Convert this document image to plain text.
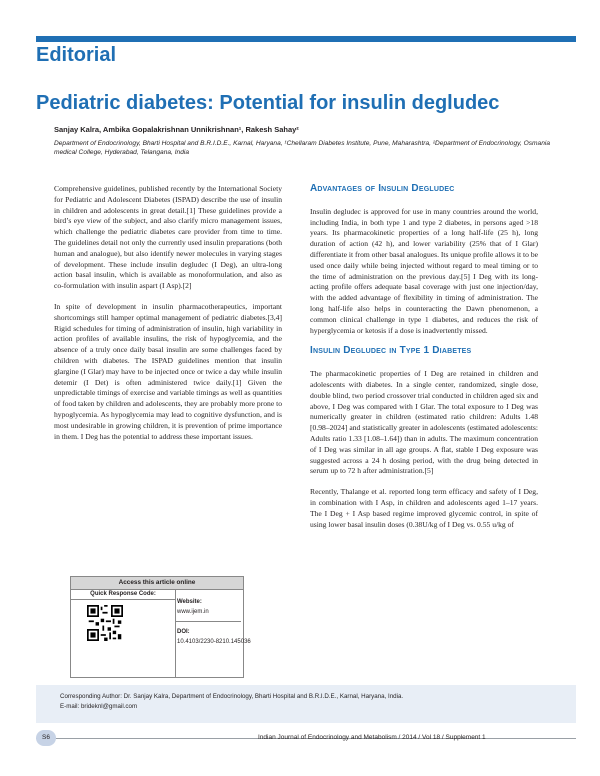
Editorial
Pediatric diabetes: Potential for insulin degludec
Sanjay Kalra, Ambika Gopalakrishnan Unnikrishnan¹, Rakesh Sahay²
Department of Endocrinology, Bharti Hospital and B.R.I.D.E., Karnal, Haryana, ¹Chellaram Diabetes Institute, Pune, Maharashtra, ²Department of Endocrinology, Osmania medical College, Hyderabad, Telangana, India

Comprehensive guidelines, published recently by the International Society for Pediatric and Adolescent Diabetes (ISPAD) describe the use of insulin in children and adolescents in great detail.[1] These guidelines provide a bird’s eye view of the subject, and also clarify micro management issues, which challenge the pediatric diabetes care provider from time to time. The guidelines detail not only the currently used insulin preparations (both human and analogue), but also identify newer molecules in varying stages of development. These include insulin degludec (I Deg), an ultra-long action basal insulin, which is available as monoformulation, and also as co-formulation with insulin aspart (I Asp).[2]

In spite of development in insulin pharmacotherapeutics, important shortcomings still hamper optimal management of pediatric diabetes.[3,4] Rigid schedules for timing of administration of insulin, high variability in action profiles of available insulins, the risk of hypoglycemia, and the absence of a truly once daily basal insulin are some challenges faced by children with diabetes. The ISPAD guidelines mention that insulin glargine (I Glar) may have to be injected once or twice a day while insulin detemir (I Det) is often administered twice daily.[1] Given the unpredictable timings of exercise and variable timings as well as quantities of food taken by children and adolescents, they are probably more prone to hypoglycemia. As hypoglycemia may lead to cognitive dysfunction, and is most undesirable in growing children, it is prevention of prime importance in them. I Deg has the potential to address these important issues.

Access this article online
Quick Response Code:
Website:
www.ijem.in
DOI:
10.4103/2230-8210.145036
Advantages of Insulin Degludec

Insulin degludec is approved for use in many countries around the world, including India, in both type 1 and type 2 diabetes, in persons aged >18 years. Its pharmacokinetic properties of a long half-life (25 h), long duration of action (42 h), and lower variability (25% that of I Glar) differentiate it from other basal analogues. Its unique profile allows it to be used once daily while being injected without regard to meal timing or to the time of administration on the previous day.[5] I Deg with its long-acting profile offers adequate basal coverage with just one injection/day, with the added advantage of flexibility in timing of administration. The long half-life also helps in counteracting the Dawn phenomenon, a common clinical challenge in type 1 diabetes, and reduces the risk of hyperglycemia or ketosis if a dose is inadvertently missed.

Insulin Degludec in Type 1 Diabetes

The pharmacokinetic properties of I Deg are retained in children and adolescents with diabetes. In a single center, randomized, single dose, double blind, two period crossover trial conducted in children aged six and above, I Deg was compared with I Glar. The total exposure to I Deg was numerically greater in children (estimated ratio children: Adults 1.48 [0.98–2024] and statistically greater in adolescents (estimated adolescents: Adults ratio 1.33 [1.08–1.64]) than in adults. The maximum concentration of I Deg was similar in all age groups. A flat, stable I Deg exposure was suggested across a 24 h dosing period, with the drug being detected in serum up to 72 h after administration.[5]

Recently, Thalange et al. reported long term efficacy and safety of I Deg, in combination with I Asp, in children and adolescents aged 1–17 years. The I Deg + I Asp based regime improved glycemic control, in spite of using lower basal insulin doses (0.38U/kg of I Deg vs. 0.55 u/kg of

Corresponding Author: Dr. Sanjay Kalra, Department of Endocrinology, Bharti Hospital and B.R.I.D.E., Karnal, Haryana, India.
E-mail: brideknl@gmail.com
S6	Indian Journal of Endocrinology and Metabolism / 2014 / Vol 18 / Supplement 1
